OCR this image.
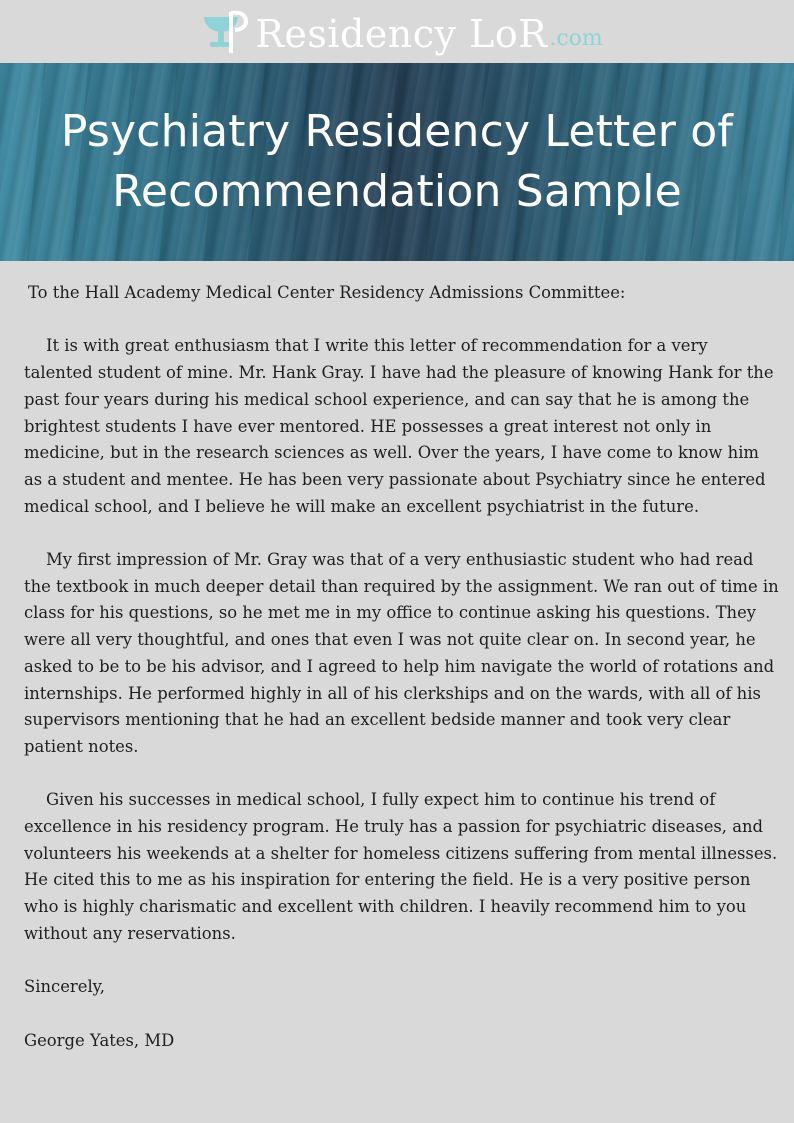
Residency LoR .com
Psychiatry Residency Letter of Recommendation Sample

To the Hall Academy Medical Center Residency Admissions Committee:

It is with great enthusiasm that I write this letter of recommendation for a very talented student of mine. Mr. Hank Gray. I have had the pleasure of knowing Hank for the past four years during his medical school experience, and can say that he is among the brightest students I have ever mentored. HE possesses a great interest not only in medicine, but in the research sciences as well. Over the years, I have come to know him as a student and mentee. He has been very passionate about Psychiatry since he entered medical school, and I believe he will make an excellent psychiatrist in the future.

My first impression of Mr. Gray was that of a very enthusiastic student who had read the textbook in much deeper detail than required by the assignment. We ran out of time in class for his questions, so he met me in my office to continue asking his questions. They were all very thoughtful, and ones that even I was not quite clear on. In second year, he asked to be to be his advisor, and I agreed to help him navigate the world of rotations and internships. He performed highly in all of his clerkships and on the wards, with all of his supervisors mentioning that he had an excellent bedside manner and took very clear patient notes.

Given his successes in medical school, I fully expect him to continue his trend of excellence in his residency program. He truly has a passion for psychiatric diseases, and volunteers his weekends at a shelter for homeless citizens suffering from mental illnesses. He cited this to me as his inspiration for entering the field. He is a very positive person who is highly charismatic and excellent with children. I heavily recommend him to you without any reservations.

Sincerely,

George Yates, MD
